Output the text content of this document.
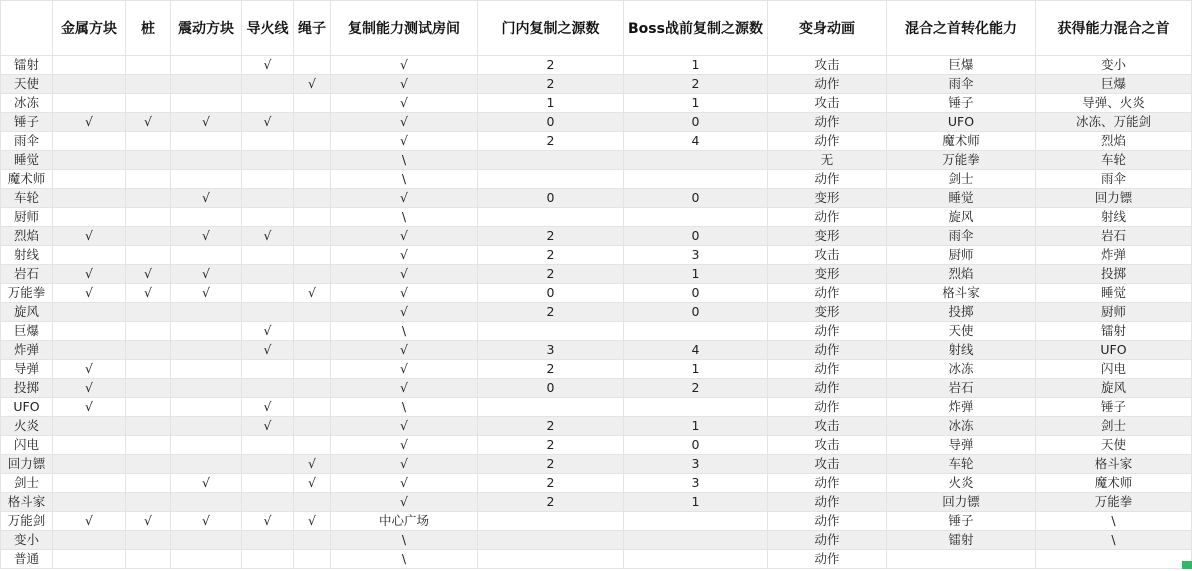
	金属方块	桩	震动方块	导火线	绳子	复制能力测试房间	门内复制之源数	Boss战前复制之源数	变身动画	混合之首转化能力	获得能力混合之首
镭射				√		√	2	1	攻击	巨爆	变小
天使					√	√	2	2	动作	雨伞	巨爆
冰冻						√	1	1	攻击	锤子	导弹、火炎
锤子	√	√	√	√		√	0	0	动作	UFO	冰冻、万能剑
雨伞						√	2	4	动作	魔术师	烈焰
睡觉						\			无	万能拳	车轮
魔术师						\			动作	剑士	雨伞
车轮			√			√	0	0	变形	睡觉	回力镖
厨师						\			动作	旋风	射线
烈焰	√		√	√		√	2	0	变形	雨伞	岩石
射线						√	2	3	攻击	厨师	炸弹
岩石	√	√	√			√	2	1	变形	烈焰	投掷
万能拳	√	√	√		√	√	0	0	动作	格斗家	睡觉
旋风						√	2	0	变形	投掷	厨师
巨爆				√		\			动作	天使	镭射
炸弹				√		√	3	4	动作	射线	UFO
导弹	√					√	2	1	动作	冰冻	闪电
投掷	√					√	0	2	动作	岩石	旋风
UFO	√			√		\			动作	炸弹	锤子
火炎				√		√	2	1	攻击	冰冻	剑士
闪电						√	2	0	攻击	导弹	天使
回力镖					√	√	2	3	攻击	车轮	格斗家
剑士			√		√	√	2	3	动作	火炎	魔术师
格斗家						√	2	1	动作	回力镖	万能拳
万能剑	√	√	√	√	√	中心广场			动作	锤子	\
变小						\			动作	镭射	\
普通						\			动作		
